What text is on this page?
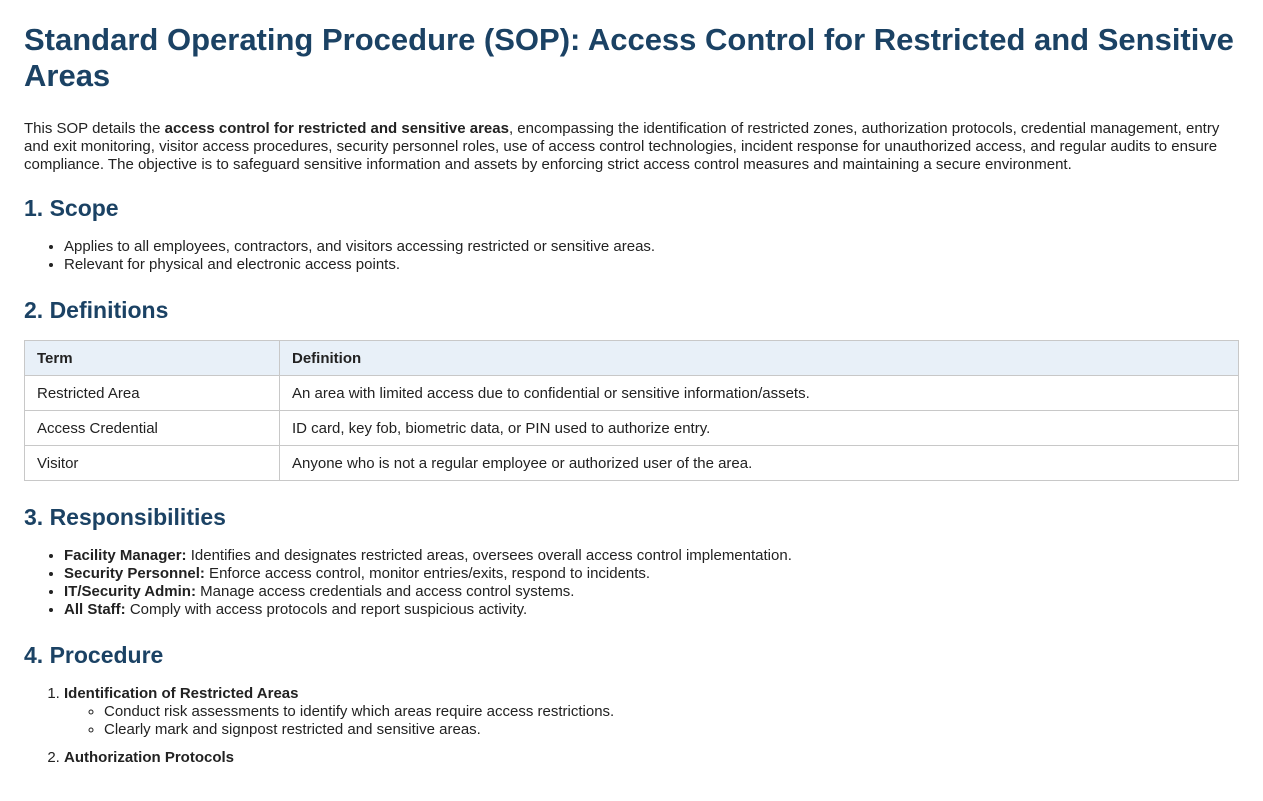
Standard Operating Procedure (SOP): Access Control for Restricted and Sensitive Areas

This SOP details the access control for restricted and sensitive areas, encompassing the identification of restricted zones, authorization protocols, credential management, entry and exit monitoring, visitor access procedures, security personnel roles, use of access control technologies, incident response for unauthorized access, and regular audits to ensure compliance. The objective is to safeguard sensitive information and assets by enforcing strict access control measures and maintaining a secure environment.

1. Scope
• Applies to all employees, contractors, and visitors accessing restricted or sensitive areas.
• Relevant for physical and electronic access points.
2. Definitions
Term	Definition
Restricted Area	An area with limited access due to confidential or sensitive information/assets.
Access Credential	ID card, key fob, biometric data, or PIN used to authorize entry.
Visitor	Anyone who is not a regular employee or authorized user of the area.
3. Responsibilities
• Facility Manager: Identifies and designates restricted areas, oversees overall access control implementation.
• Security Personnel: Enforce access control, monitor entries/exits, respond to incidents.
• IT/Security Admin: Manage access credentials and access control systems.
• All Staff: Comply with access protocols and report suspicious activity.
4. Procedure
1. Identification of Restricted Areas
◦ Conduct risk assessments to identify which areas require access restrictions.
◦ Clearly mark and signpost restricted and sensitive areas.
2. Authorization Protocols
